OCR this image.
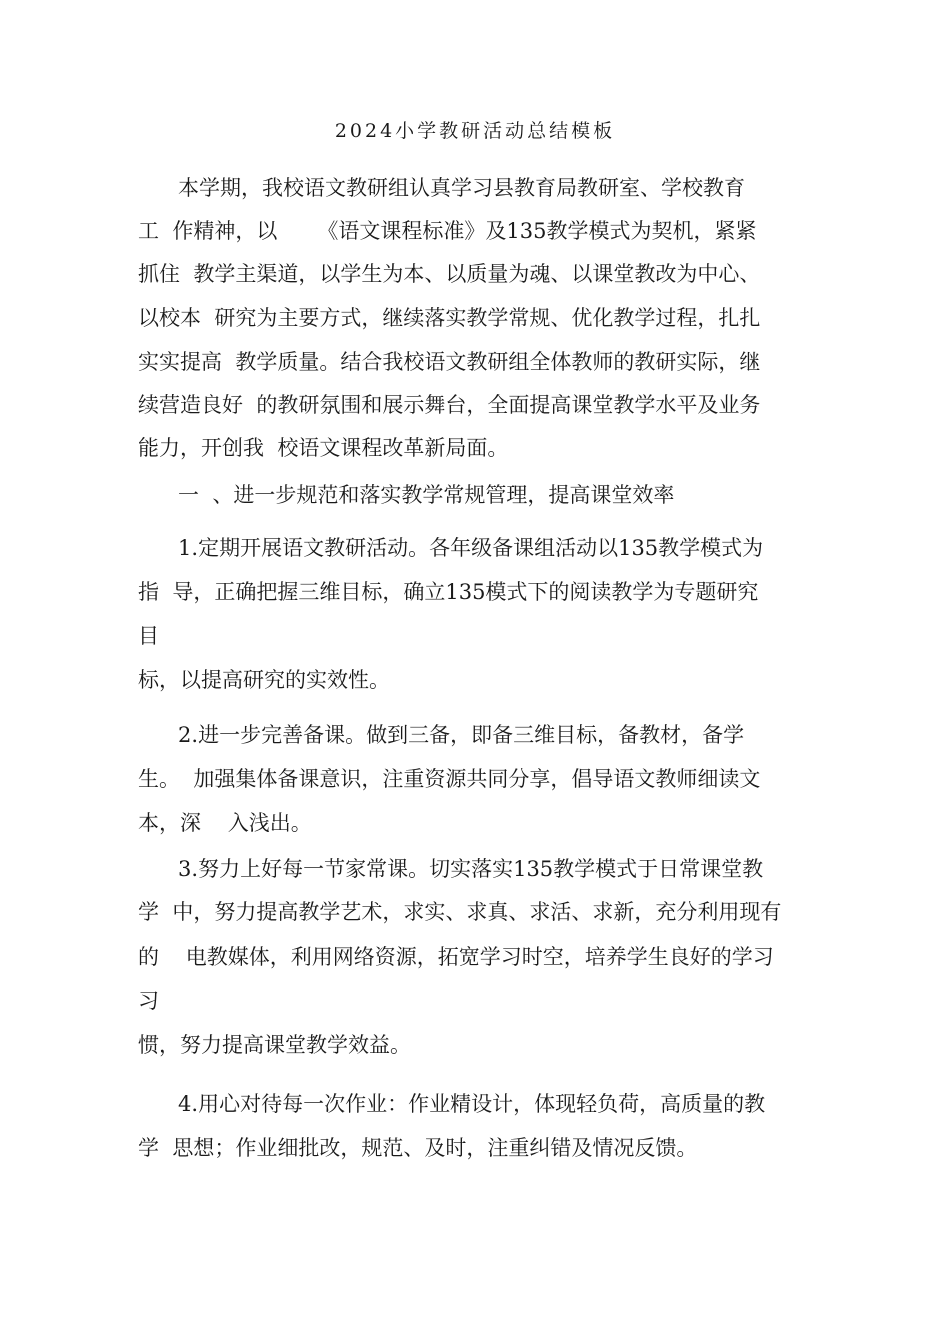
2024小学教研活动总结模板
本学期，我校语文教研组认真学习县教育局教研室、学校教育
工  作精神，以      《语文课程标准》及135教学模式为契机，紧紧
抓住  教学主渠道，以学生为本、以质量为魂、以课堂教改为中心、
以校本  研究为主要方式，继续落实教学常规、优化教学过程，扎扎
实实提高  教学质量。结合我校语文教研组全体教师的教研实际，继
续营造良好  的教研氛围和展示舞台，全面提高课堂教学水平及业务
能力，开创我  校语文课程改革新局面。
一  、进一步规范和落实教学常规管理，提高课堂效率
1.定期开展语文教研活动。各年级备课组活动以135教学模式为
指  导，正确把握三维目标，确立135模式下的阅读教学为专题研究
目
标，以提高研究的实效性。
2.进一步完善备课。做到三备，即备三维目标，备教材，备学
生。  加强集体备课意识，注重资源共同分享，倡导语文教师细读文
本，深    入浅出。
3.努力上好每一节家常课。切实落实135教学模式于日常课堂教
学  中，努力提高教学艺术，求实、求真、求活、求新，充分利用现有
的    电教媒体，利用网络资源，拓宽学习时空，培养学生良好的学习
习
惯，努力提高课堂教学效益。
4.用心对待每一次作业：作业精设计，体现轻负荷，高质量的教
学  思想；作业细批改，规范、及时，注重纠错及情况反馈。
